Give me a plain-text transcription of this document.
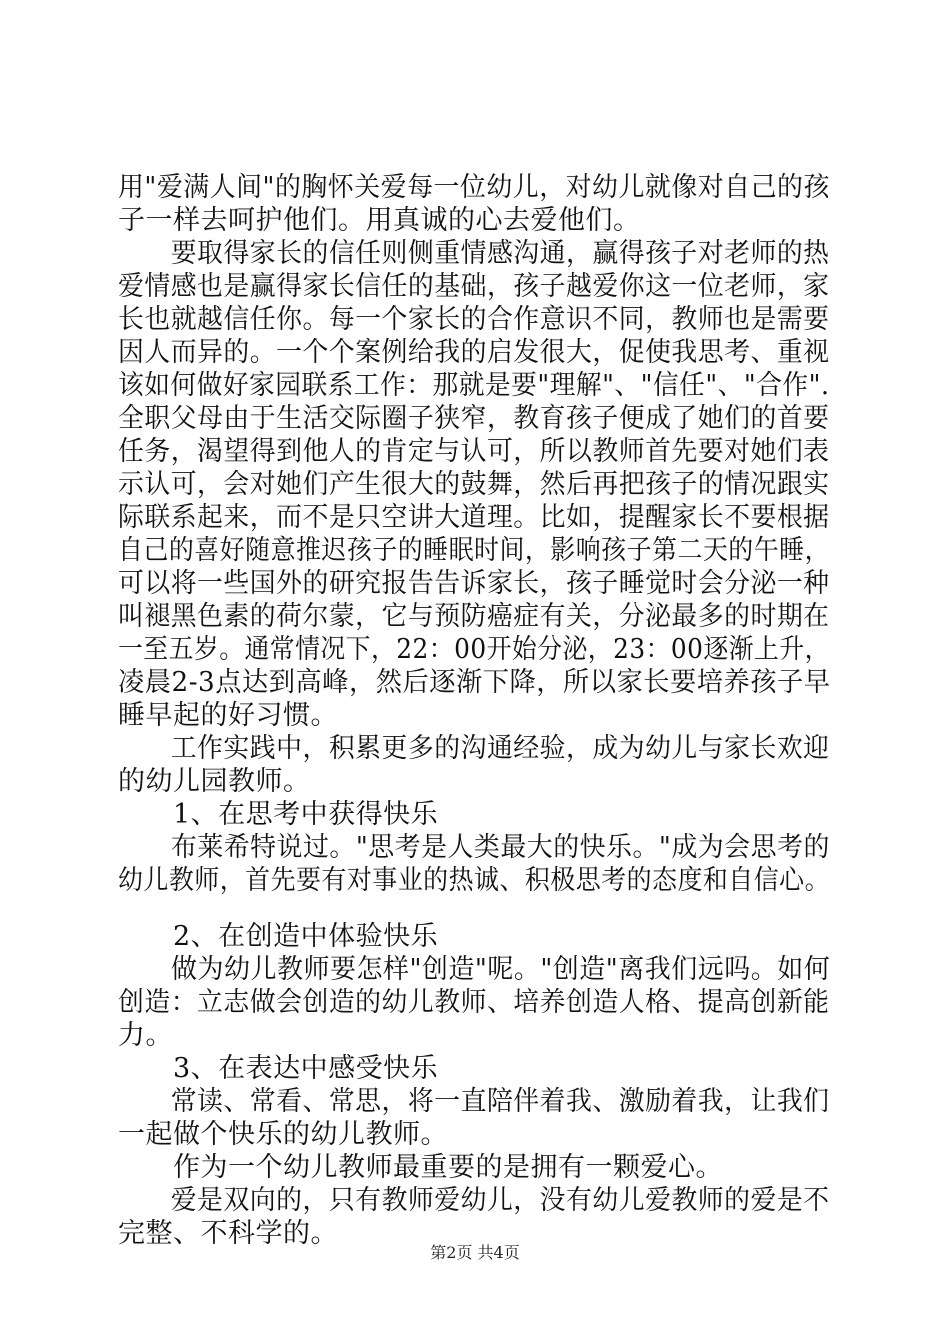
用"爱满人间"的胸怀关爱每一位幼儿，对幼儿就像对自己的孩
子一样去呵护他们。用真诚的心去爱他们。
　　要取得家长的信任则侧重情感沟通，赢得孩子对老师的热
爱情感也是赢得家长信任的基础，孩子越爱你这一位老师，家
长也就越信任你。每一个家长的合作意识不同，教师也是需要
因人而异的。一个个案例给我的启发很大，促使我思考、重视
该如何做好家园联系工作：那就是要"理解"、"信任"、"合作".
全职父母由于生活交际圈子狭窄，教育孩子便成了她们的首要
任务，渴望得到他人的肯定与认可，所以教师首先要对她们表
示认可，会对她们产生很大的鼓舞，然后再把孩子的情况跟实
际联系起来，而不是只空讲大道理。比如，提醒家长不要根据
自己的喜好随意推迟孩子的睡眠时间，影响孩子第二天的午睡，
可以将一些国外的研究报告告诉家长，孩子睡觉时会分泌一种
叫褪黑色素的荷尔蒙，它与预防癌症有关，分泌最多的时期在
一至五岁。通常情况下，22：00开始分泌，23：00逐渐上升，
凌晨2-3点达到高峰，然后逐渐下降，所以家长要培养孩子早
睡早起的好习惯。
　　工作实践中，积累更多的沟通经验，成为幼儿与家长欢迎
的幼儿园教师。
　　1、在思考中获得快乐
　　布莱希特说过。"思考是人类最大的快乐。"成为会思考的
幼儿教师，首先要有对事业的热诚、积极思考的态度和自信心。
　　2、在创造中体验快乐
　　做为幼儿教师要怎样"创造"呢。"创造"离我们远吗。如何
创造：立志做会创造的幼儿教师、培养创造人格、提高创新能
力。
　　3、在表达中感受快乐
　　常读、常看、常思，将一直陪伴着我、激励着我，让我们
一起做个快乐的幼儿教师。
　　作为一个幼儿教师最重要的是拥有一颗爱心。
　　爱是双向的，只有教师爱幼儿，没有幼儿爱教师的爱是不
完整、不科学的。
第2页 共4页
